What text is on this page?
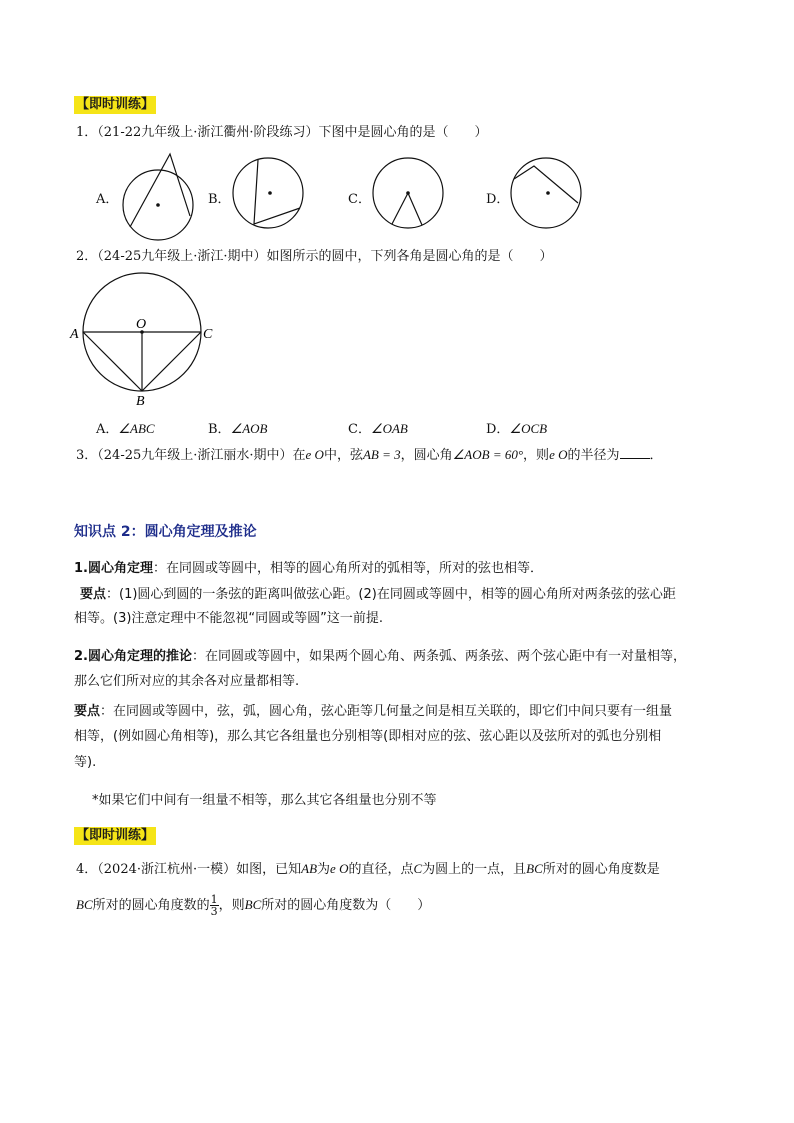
【即时训练】
1．（21-22九年级上·浙江衢州·阶段练习）下图中是圆心角的是（　　）
A．	B．	C．	D．
2．（24-25九年级上·浙江·期中）如图所示的圆中，下列各角是圆心角的是（　　）
O
A	C
B
A．∠ABC	B．∠AOB	C．∠OAB	D．∠OCB
3．（24-25九年级上·浙江丽水·期中）在e O中，弦AB = 3，圆心角∠AOB = 60°，则e O的半径为 ．
知识点 2：圆心角定理及推论
1.圆心角定理：在同圆或等圆中，相等的圆心角所对的弧相等，所对的弦也相等．
要点：(1)圆心到圆的一条弦的距离叫做弦心距。(2)在同圆或等圆中，相等的圆心角所对两条弦的弦心距
相等。(3)注意定理中不能忽视“同圆或等圆”这一前提.
2.圆心角定理的推论：在同圆或等圆中，如果两个圆心角、两条弧、两条弦、两个弦心距中有一对量相等，
那么它们所对应的其余各对应量都相等.
要点：在同圆或等圆中，弦，弧，圆心角，弦心距等几何量之间是相互关联的，即它们中间只要有一组量
相等，(例如圆心角相等)，那么其它各组量也分别相等(即相对应的弦、弦心距以及弦所对的弧也分别相
等).
*如果它们中间有一组量不相等，那么其它各组量也分别不等
【即时训练】
4．（2024·浙江杭州·一模）如图，已知AB为e O的直径，点C为圆上的一点，且BC所对的圆心角度数是
BC所对的圆心角度数的 $\frac{1}{3}$ ，则BC所对的圆心角度数为（　　）
